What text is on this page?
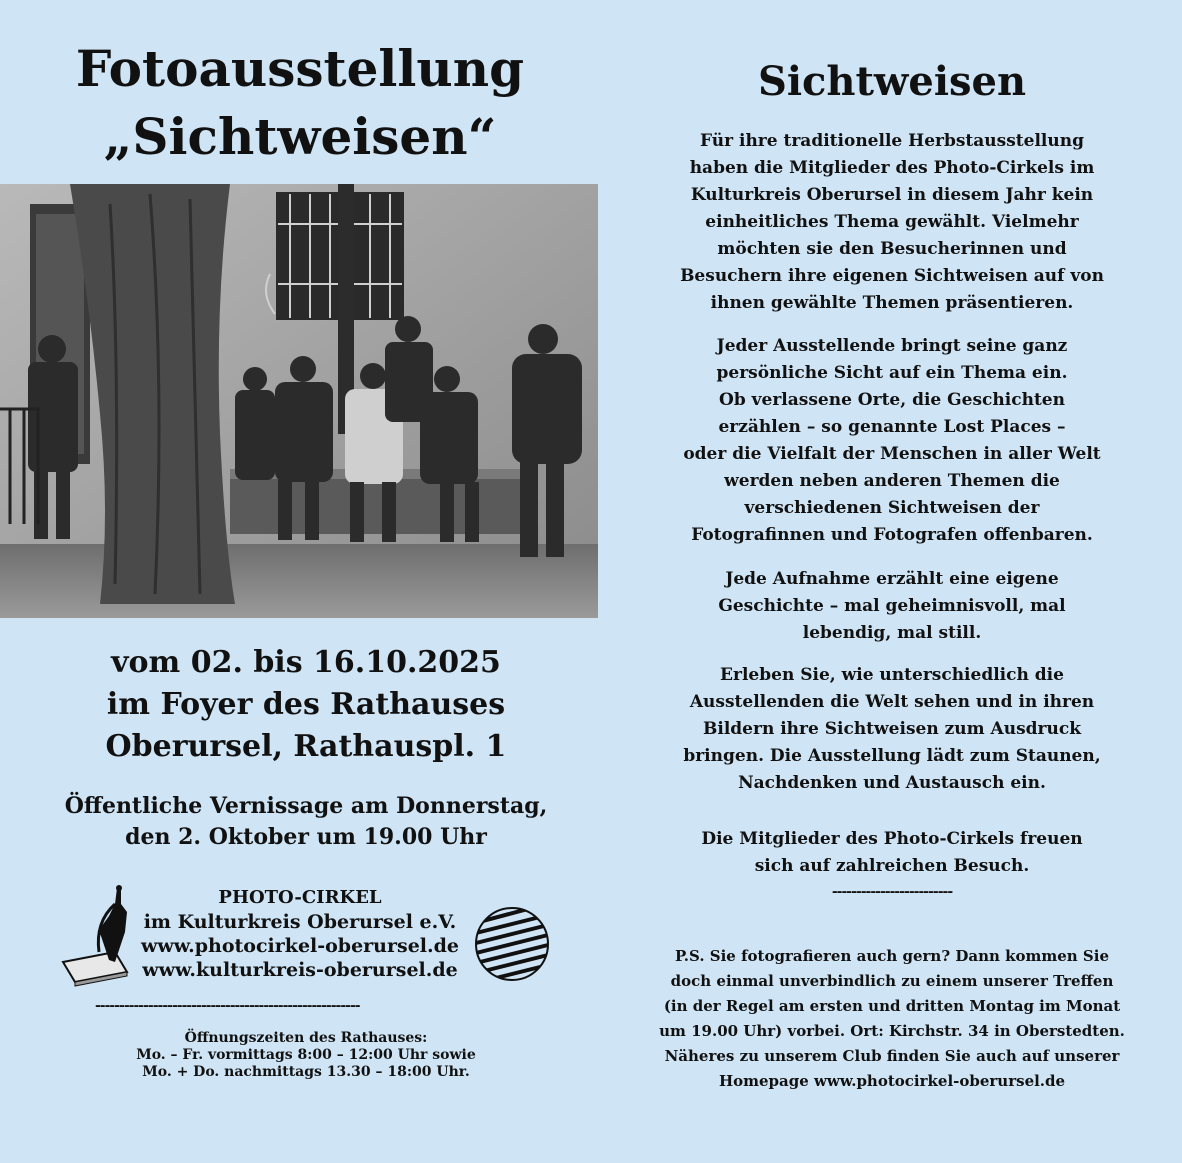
Fotoausstellung
„Sichtweisen“
vom 02. bis 16.10.2025
im Foyer des Rathauses
Oberursel, Rathauspl. 1
Öffentliche Vernissage am Donnerstag,
den 2. Oktober um 19.00 Uhr
PHOTO-CIRKEL
im Kulturkreis Oberursel e.V.
www.photocirkel-oberursel.de
www.kulturkreis-oberursel.de
-------------------------------------------------------
Öffnungszeiten des Rathauses:
Mo. – Fr. vormittags 8:00 – 12:00 Uhr sowie
Mo. + Do. nachmittags 13.30 – 18:00 Uhr.
Sichtweisen
Für ihre traditionelle Herbstausstellung
haben die Mitglieder des Photo-Cirkels im
Kulturkreis Oberursel in diesem Jahr kein
einheitliches Thema gewählt. Vielmehr
möchten sie den Besucherinnen und
Besuchern ihre eigenen Sichtweisen auf von
ihnen gewählte Themen präsentieren.
Jeder Ausstellende bringt seine ganz
persönliche Sicht auf ein Thema ein.
Ob verlassene Orte, die Geschichten
erzählen – so genannte Lost Places –
oder die Vielfalt der Menschen in aller Welt
werden neben anderen Themen die
verschiedenen Sichtweisen der
Fotografinnen und Fotografen offenbaren.
Jede Aufnahme erzählt eine eigene
Geschichte – mal geheimnisvoll, mal
lebendig, mal still.
Erleben Sie, wie unterschiedlich die
Ausstellenden die Welt sehen und in ihren
Bildern ihre Sichtweisen zum Ausdruck
bringen. Die Ausstellung lädt zum Staunen,
Nachdenken und Austausch ein.
Die Mitglieder des Photo-Cirkels freuen
sich auf zahlreichen Besuch.
-------------------------
P.S. Sie fotografieren auch gern? Dann kommen Sie
doch einmal unverbindlich zu einem unserer Treffen
(in der Regel am ersten und dritten Montag im Monat
um 19.00 Uhr) vorbei. Ort: Kirchstr. 34 in Oberstedten.
Näheres zu unserem Club finden Sie auch auf unserer
Homepage www.photocirkel-oberursel.de
